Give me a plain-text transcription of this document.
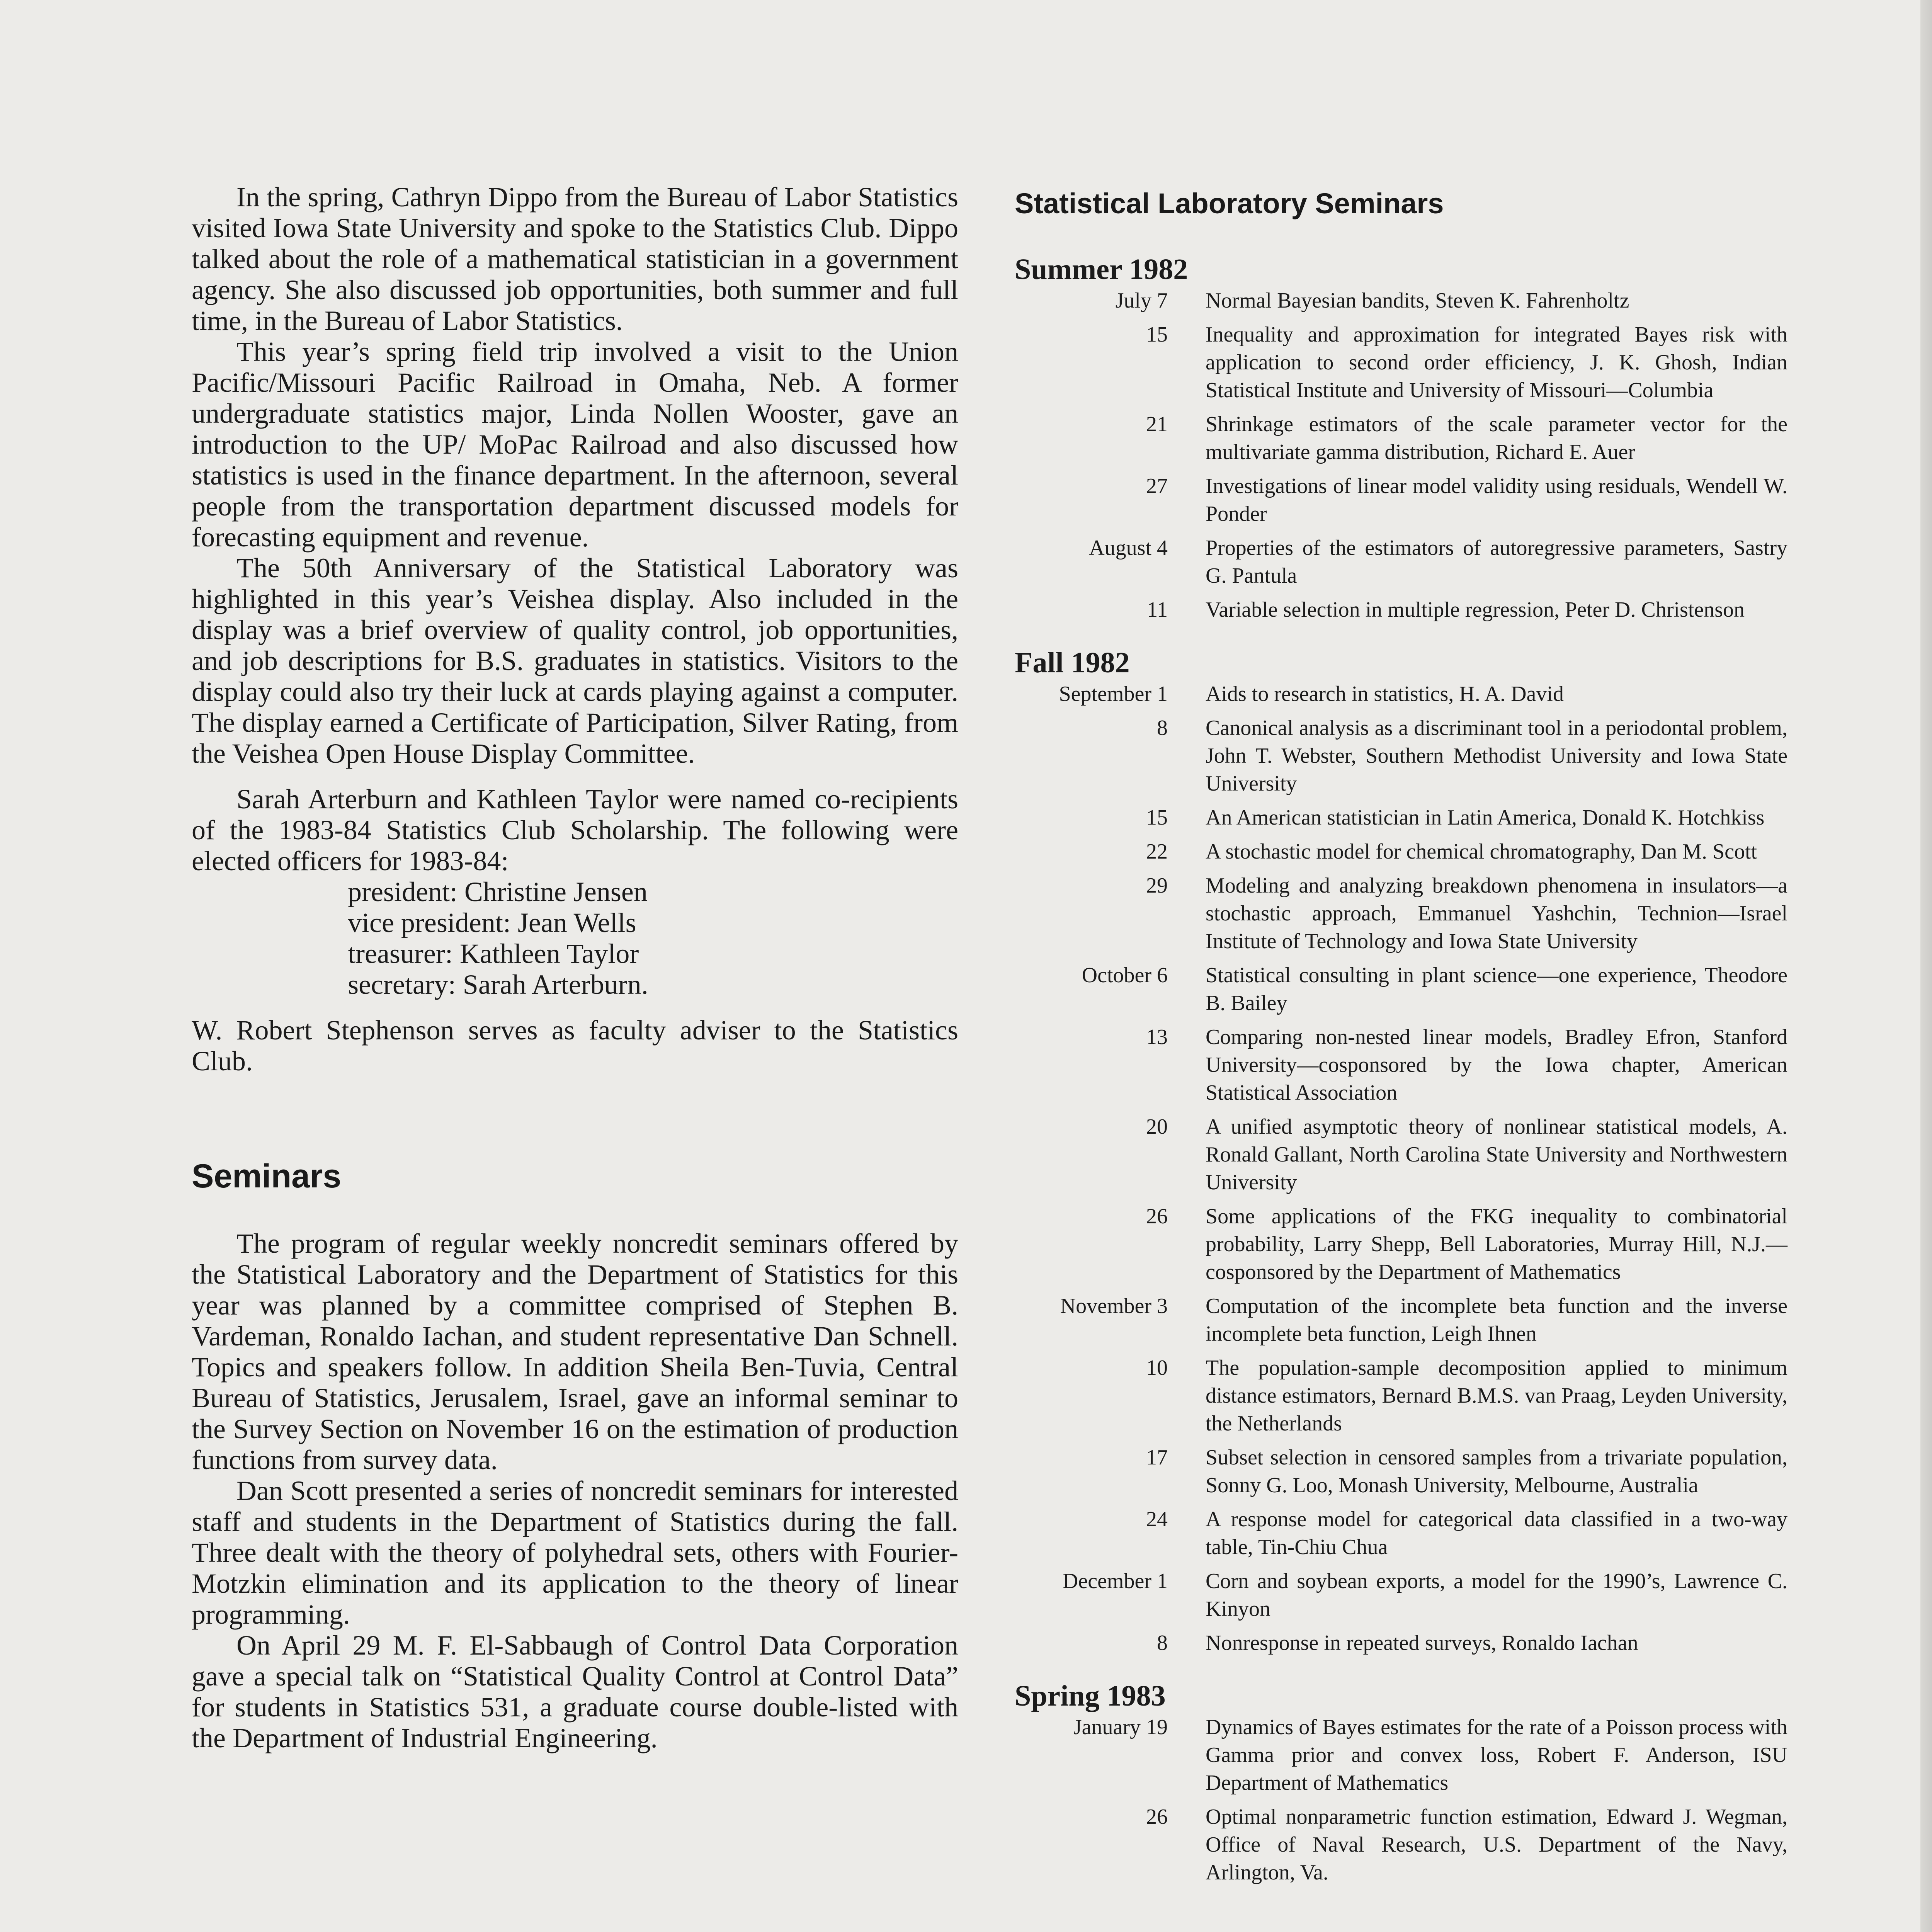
In the spring, Cathryn Dippo from the Bureau of Labor Statistics visited Iowa State University and spoke to the Statistics Club. Dippo talked about the role of a mathematical statistician in a government agency. She also discussed job opportunities, both summer and full time, in the Bureau of Labor Statistics.

This year’s spring field trip involved a visit to the Union Pacific/Missouri Pacific Railroad in Omaha, Neb. A former undergraduate statistics major, Linda Nollen Wooster, gave an introduction to the UP/ MoPac Railroad and also discussed how statistics is used in the finance department. In the afternoon, several people from the transportation department discussed models for forecasting equipment and revenue.

The 50th Anniversary of the Statistical Laboratory was highlighted in this year’s Veishea display. Also included in the display was a brief overview of quality control, job opportunities, and job descriptions for B.S. graduates in statistics. Visitors to the display could also try their luck at cards playing against a computer. The display earned a Certificate of Participation, Silver Rating, from the Veishea Open House Display Committee.

Sarah Arterburn and Kathleen Taylor were named co-recipients of the 1983-84 Statistics Club Scholarship. The following were elected officers for 1983-84:

president: Christine Jensen
vice president: Jean Wells
treasurer: Kathleen Taylor
secretary: Sarah Arterburn.

W. Robert Stephenson serves as faculty adviser to the Statistics Club.

Seminars

The program of regular weekly noncredit seminars offered by the Statistical Laboratory and the Department of Statistics for this year was planned by a committee comprised of Stephen B. Vardeman, Ronaldo Iachan, and student representative Dan Schnell. Topics and speakers follow. In addition Sheila Ben-Tuvia, Central Bureau of Statistics, Jerusalem, Israel, gave an informal seminar to the Survey Section on November 16 on the estimation of production functions from survey data.

Dan Scott presented a series of noncredit seminars for interested staff and students in the Department of Statistics during the fall. Three dealt with the theory of polyhedral sets, others with Fourier-Motzkin elimination and its application to the theory of linear programming.

On April 29 M. F. El-Sabbaugh of Control Data Corporation gave a special talk on “Statistical Quality Control at Control Data” for students in Statistics 531, a graduate course double-listed with the Department of Industrial Engineering.

Statistical Laboratory Seminars
Summer 1982
July 7	Normal Bayesian bandits, Steven K. Fahrenholtz
15	Inequality and approximation for integrated Bayes risk with application to second order efficiency, J. K. Ghosh, Indian Statistical Institute and University of Missouri—Columbia
21	Shrinkage estimators of the scale parameter vector for the multivariate gamma distribution, Richard E. Auer
27	Investigations of linear model validity using residuals, Wendell W. Ponder
August 4	Properties of the estimators of autoregressive parameters, Sastry G. Pantula
11	Variable selection in multiple regression, Peter D. Christenson
Fall 1982
September 1	Aids to research in statistics, H. A. David
8	Canonical analysis as a discriminant tool in a periodontal problem, John T. Webster, Southern Methodist University and Iowa State University
15	An American statistician in Latin America, Donald K. Hotchkiss
22	A stochastic model for chemical chromatography, Dan M. Scott
29	Modeling and analyzing breakdown phenomena in insulators—a stochastic approach, Emmanuel Yashchin, Technion—Israel Institute of Technology and Iowa State University
October 6	Statistical consulting in plant science—one experience, Theodore B. Bailey
13	Comparing non-nested linear models, Bradley Efron, Stanford University—cosponsored by the Iowa chapter, American Statistical Association
20	A unified asymptotic theory of nonlinear statistical models, A. Ronald Gallant, North Carolina State University and Northwestern University
26	Some applications of the FKG inequality to combinatorial probability, Larry Shepp, Bell Laboratories, Murray Hill, N.J.—cosponsored by the Department of Mathematics
November 3	Computation of the incomplete beta function and the inverse incomplete beta function, Leigh Ihnen
10	The population-sample decomposition applied to minimum distance estimators, Bernard B.M.S. van Praag, Leyden University, the Netherlands
17	Subset selection in censored samples from a trivariate population, Sonny G. Loo, Monash University, Melbourne, Australia
24	A response model for categorical data classified in a two-way table, Tin-Chiu Chua
December 1	Corn and soybean exports, a model for the 1990’s, Lawrence C. Kinyon
8	Nonresponse in repeated surveys, Ronaldo Iachan
Spring 1983
January 19	Dynamics of Bayes estimates for the rate of a Poisson process with Gamma prior and convex loss, Robert F. Anderson, ISU Department of Mathematics
26	Optimal nonparametric function estimation, Edward J. Wegman, Office of Naval Research, U.S. Department of the Navy, Arlington, Va.
